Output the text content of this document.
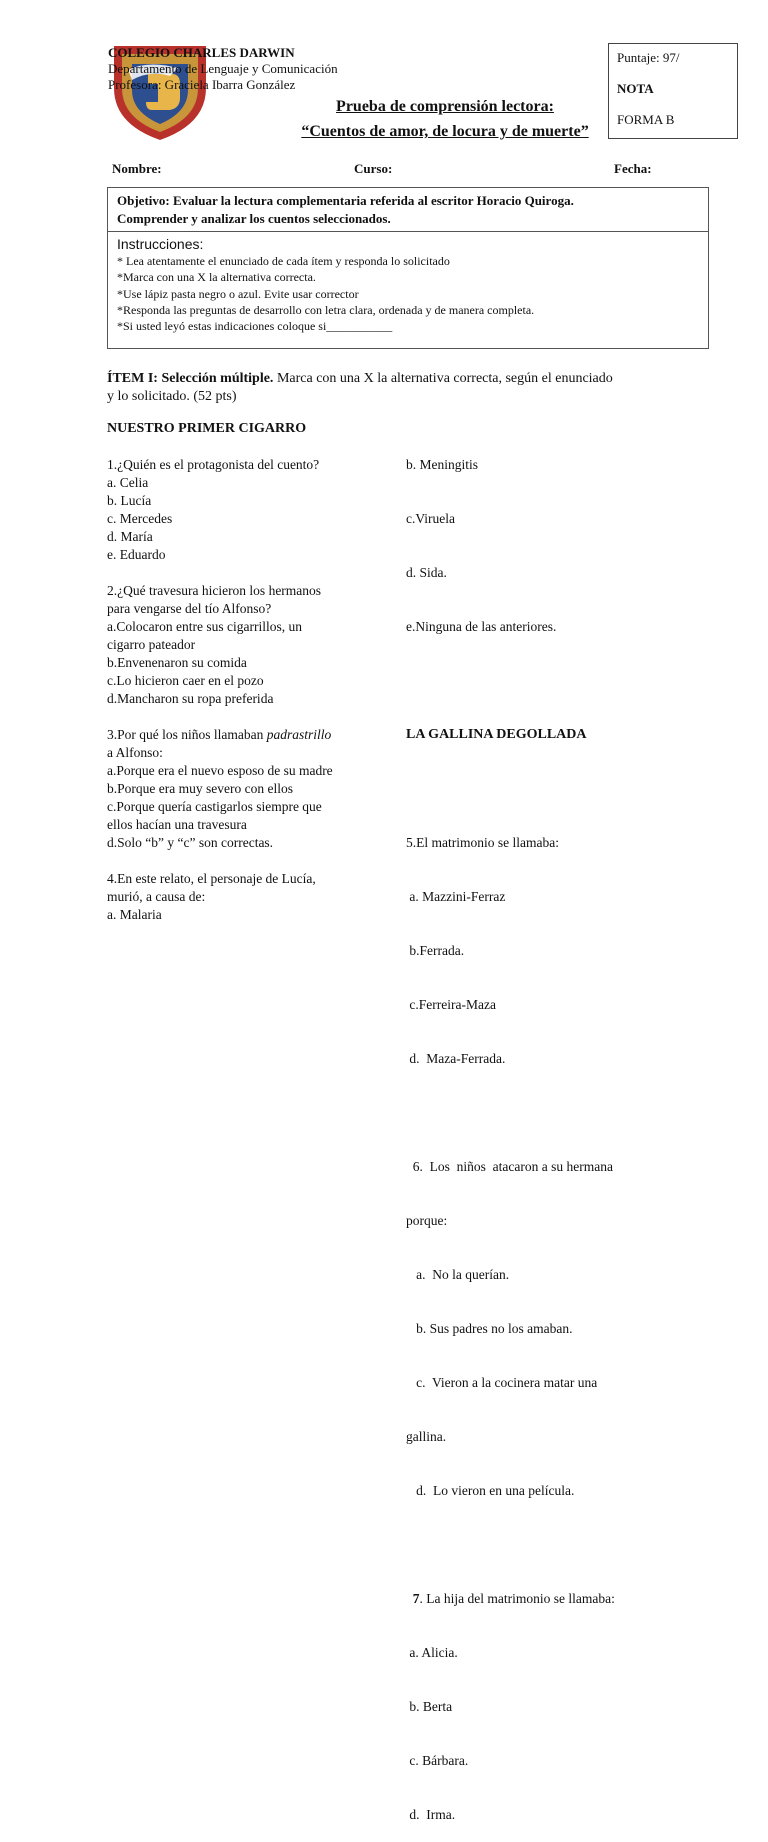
COLEGIO CHARLES DARWIN
Departamento de Lenguaje y Comunicación
Profesora: Graciela Ibarra González
Prueba de comprensión lectora:
“Cuentos de amor, de locura y de muerte”
Puntaje: 97/
NOTA
FORMA B
Nombre:	Curso:	Fecha:
Objetivo: Evaluar la lectura complementaria referida al escritor Horacio Quiroga.
Comprender y analizar los cuentos seleccionados.
Instrucciones:
* Lea atentamente el enunciado de cada ítem y responda lo solicitado
*Marca con una X la alternativa correcta.
*Use lápiz pasta negro o azul. Evite usar corrector
*Responda las preguntas de desarrollo con letra clara, ordenada y de manera completa.
*Si usted leyó estas indicaciones coloque si___________
ÍTEM I: Selección múltiple. Marca con una X la alternativa correcta, según el enunciado
y lo solicitado. (52 pts)

NUESTRO PRIMER CIGARRO

1.¿Quién es el protagonista del cuento?

a. Celia

b. Lucía

c. Mercedes

d. María

e. Eduardo

2.¿Qué travesura hicieron los hermanos

para vengarse del tío Alfonso?

a.Colocaron entre sus cigarrillos, un

cigarro pateador

b.Envenenaron su comida

c.Lo hicieron caer en el pozo

d.Mancharon su ropa preferida

3.Por qué los niños llamaban padrastrillo

a Alfonso:

a.Porque era el nuevo esposo de su madre

b.Porque era muy severo con ellos

c.Porque quería castigarlos siempre que

ellos hacían una travesura

d.Solo “b” y “c” son correctas.

4.En este relato, el personaje de Lucía,

murió, a causa de:

a. Malaria

b. Meningitis

c.Viruela

d. Sida.

e.Ninguna de las anteriores.

LA GALLINA DEGOLLADA

5.El matrimonio se llamaba:

a. Mazzini-Ferraz

b.Ferrada.

c.Ferreira-Maza

d.  Maza-Ferrada.

6.  Los  niños  atacaron a su hermana

porque:

a.  No la querían.

b. Sus padres no los amaban.

c.  Vieron a la cocinera matar una

gallina.

d.  Lo vieron en una película.

7. La hija del matrimonio se llamaba:

a. Alicia.

b. Berta

c. Bárbara.

d.  Irma.
